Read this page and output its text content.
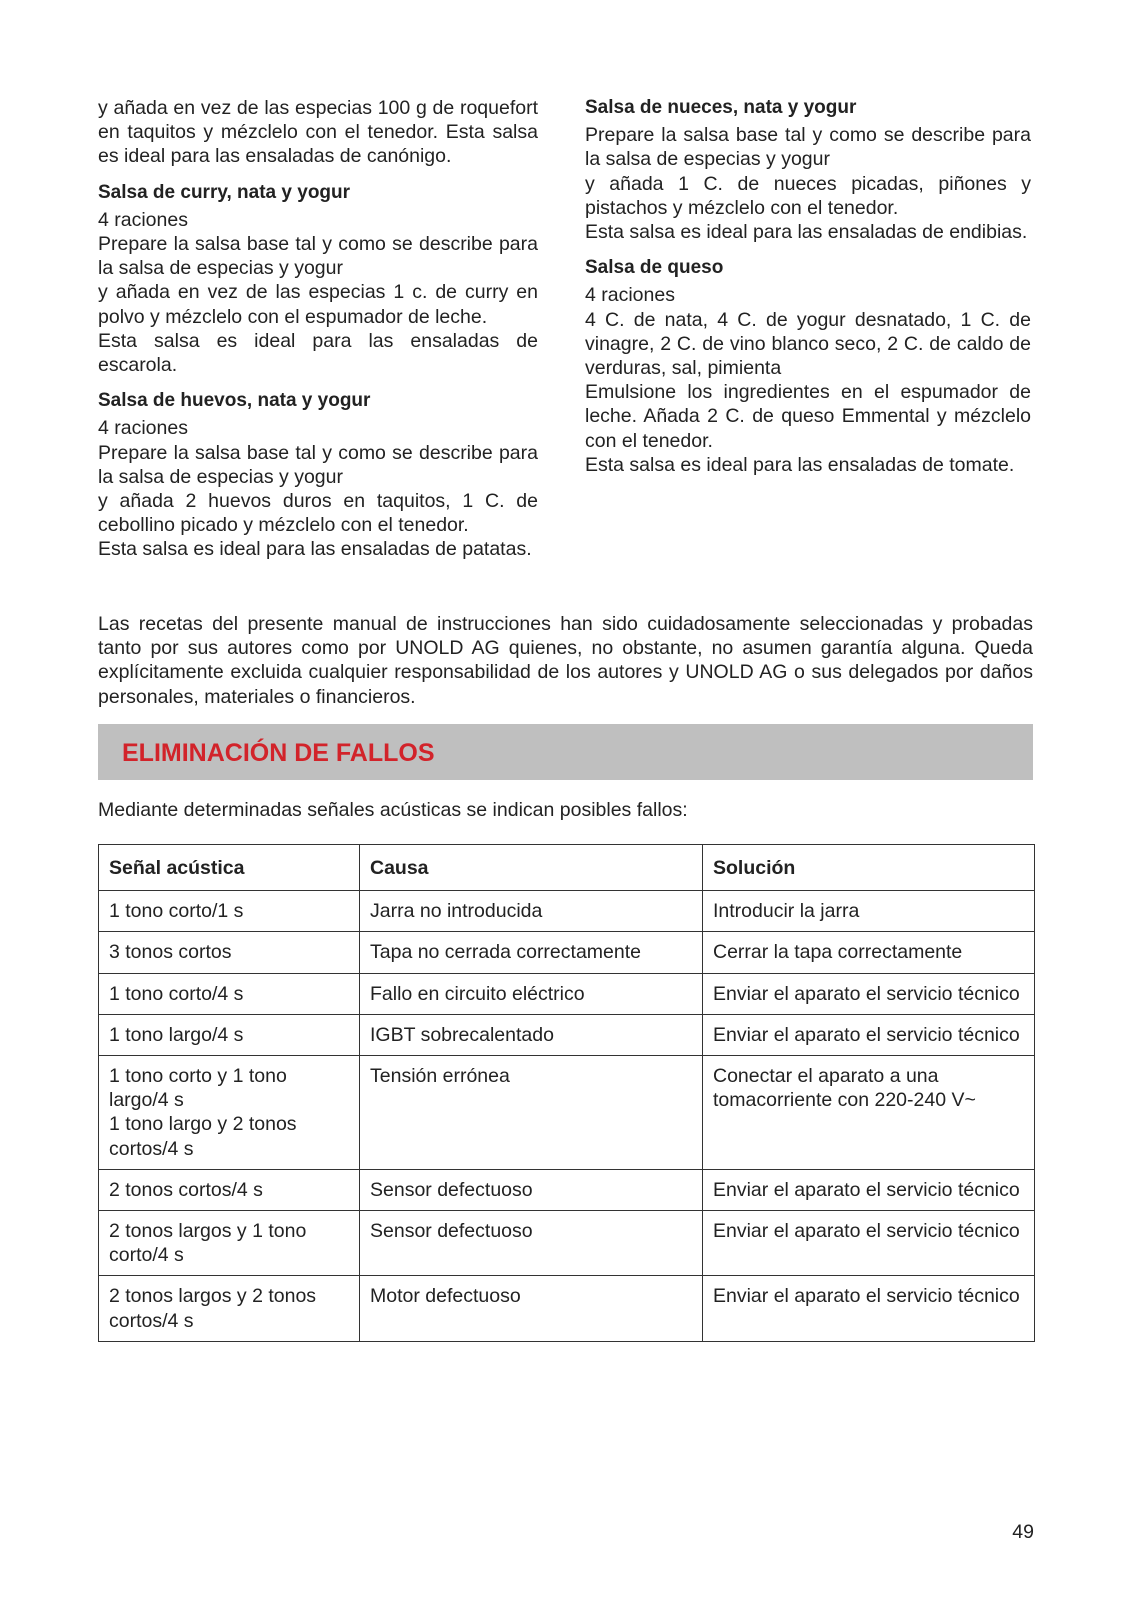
y añada en vez de las especias 100 g de roquefort en taquitos y mézclelo con el tenedor. Esta salsa es ideal para las ensaladas de canónigo.

Salsa de curry, nata y yogur

4 raciones

Prepare la salsa base tal y como se describe para la salsa de especias y yogur

y añada en vez de las especias 1 c. de curry en polvo y mézclelo con el espumador de leche.

Esta salsa es ideal para las ensaladas de escarola.

Salsa de huevos, nata y yogur

4 raciones

Prepare la salsa base tal y como se describe para la salsa de especias y yogur

y añada 2 huevos duros en taquitos, 1 C. de cebollino picado y mézclelo con el tenedor.

Esta salsa es ideal para las ensaladas de patatas.

Salsa de nueces, nata y yogur

Prepare la salsa base tal y como se describe para la salsa de especias y yogur

y añada 1 C. de nueces picadas, piñones y pistachos y mézclelo con el tenedor.

Esta salsa es ideal para las ensaladas de endibias.

Salsa de queso

4 raciones

4 C. de nata, 4 C. de yogur desnatado, 1 C. de vinagre, 2 C. de vino blanco seco, 2 C. de caldo de verduras, sal, pimienta

Emulsione los ingredientes en el espumador de leche. Añada 2 C. de queso Emmental y mézclelo con el tenedor.

Esta salsa es ideal para las ensaladas de tomate.

Las recetas del presente manual de instrucciones han sido cuidadosamente seleccionadas y probadas tanto por sus autores como por UNOLD AG quienes, no obstante, no asumen garantía alguna. Queda explícitamente excluida cualquier responsabilidad de los autores y UNOLD AG o sus delegados por daños personales, materiales o financieros.

ELIMINACIÓN DE FALLOS

Mediante determinadas señales acústicas se indican posibles fallos:

Señal acústica	Causa	Solución

1 tono corto/1 s	Jarra no introducida	Introducir la jarra

3 tonos cortos	Tapa no cerrada correctamente	Cerrar la tapa correctamente

1 tono corto/4 s	Fallo en circuito eléctrico	Enviar el aparato el servicio técnico

1 tono largo/4 s	IGBT sobrecalentado	Enviar el aparato el servicio técnico

1 tono corto y 1 tono largo/4 s
1 tono largo y 2 tonos cortos/4 s	Tensión errónea	Conectar el aparato a una tomacorriente con 220-240 V~

2 tonos cortos/4 s	Sensor defectuoso	Enviar el aparato el servicio técnico

2 tonos largos y 1 tono corto/4 s	Sensor defectuoso	Enviar el aparato el servicio técnico

2 tonos largos y 2 tonos cortos/4 s	Motor defectuoso	Enviar el aparato el servicio técnico
49
